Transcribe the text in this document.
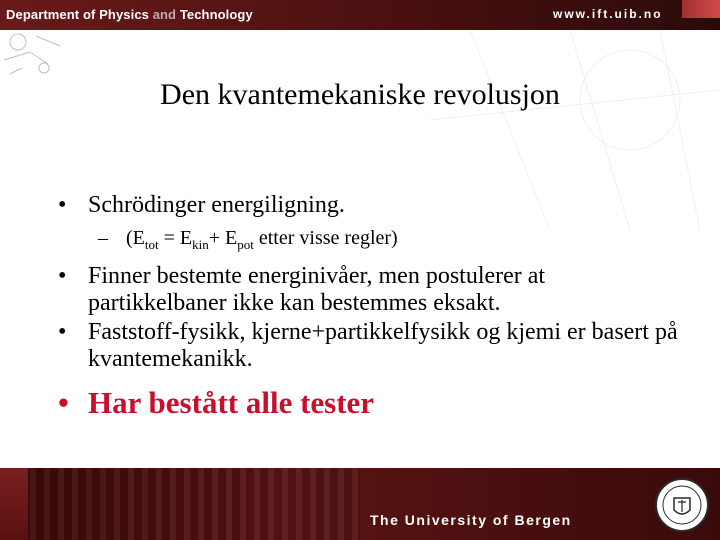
Department of Physics and Technology	www.ift.uib.no
Den kvantemekaniske revolusjon
• Schrödinger energiligning.
– ($E_{tot} = E_{kin}+ E_{pot}$ etter visse regler)
• Finner bestemte energinivåer, men postulerer at partikkelbaner ikke kan bestemmes eksakt.
• Faststoff-fysikk, kjerne+partikkelfysikk og kjemi er basert på kvantemekanikk.
• Har bestått alle tester
The University of Bergen
